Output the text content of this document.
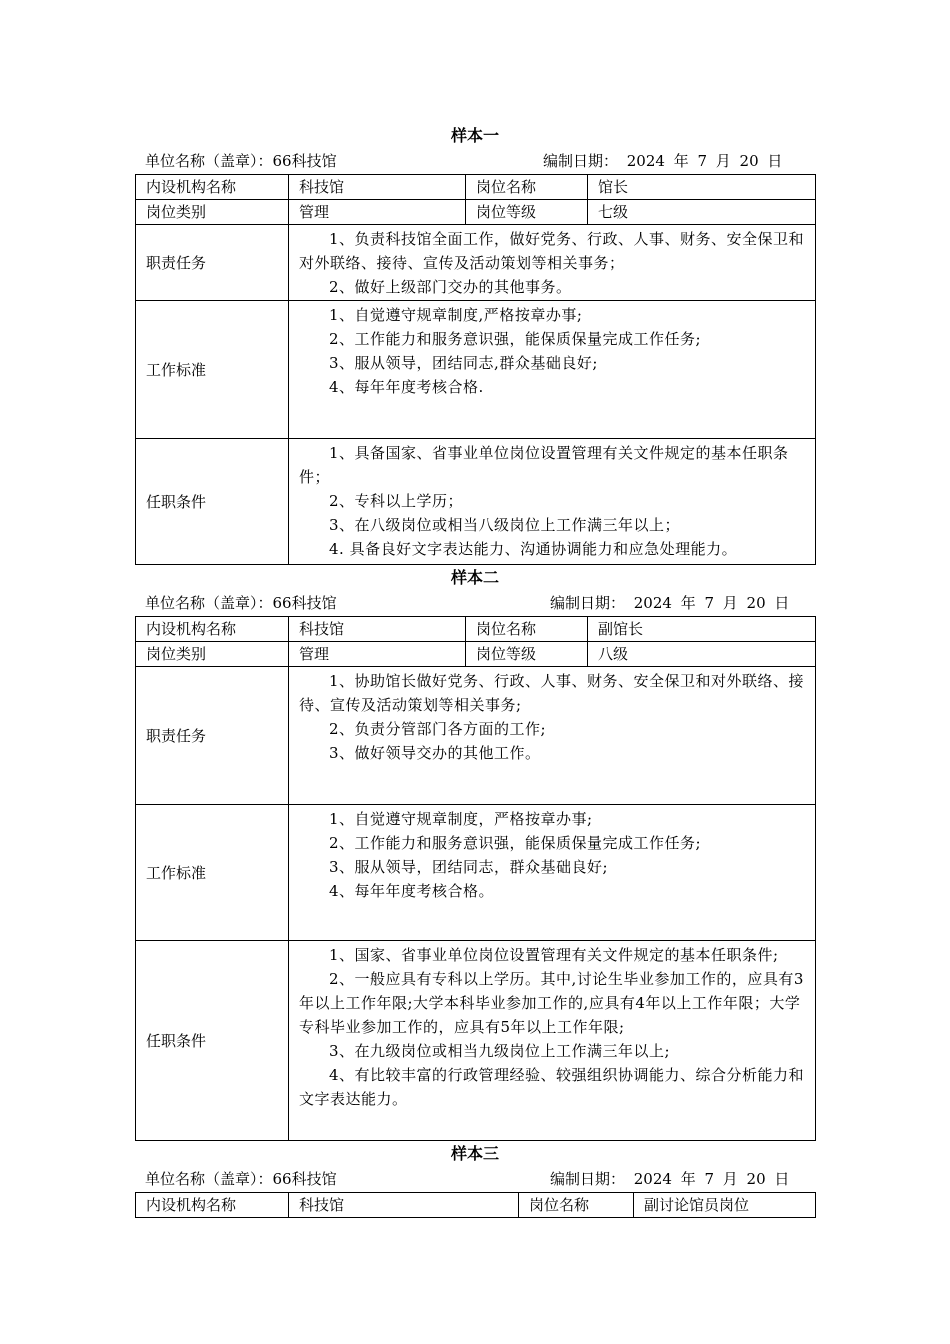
样本一
单位名称（盖章）：66科技馆	编制日期： 2024 年 7 月 20 日
内设机构名称	科技馆	岗位名称	馆长
岗位类别	管理	岗位等级	七级
职责任务	1、负责科技馆全面工作，做好党务、行政、人事、财务、安全保卫和对外联络、接待、宣传及活动策划等相关事务；

2、做好上级部门交办的其他事务。		

工作标准	1、自觉遵守规章制度,严格按章办事;

2、工作能力和服务意识强，能保质保量完成工作任务;

3、服从领导，团结同志,群众基础良好;

4、每年年度考核合格.		

任职条件	1、具备国家、省事业单位岗位设置管理有关文件规定的基本任职条件；

2、专科以上学历；

3、在八级岗位或相当八级岗位上工作满三年以上；

4. 具备良好文字表达能力、沟通协调能力和应急处理能力。		

样本二
单位名称（盖章）：66科技馆	编制日期： 2024 年 7 月 20 日
内设机构名称	科技馆	岗位名称	副馆长
岗位类别	管理	岗位等级	八级
职责任务	1、协助馆长做好党务、行政、人事、财务、安全保卫和对外联络、接待、宣传及活动策划等相关事务;

2、负责分管部门各方面的工作;

3、做好领导交办的其他工作。		

工作标准	1、自觉遵守规章制度，严格按章办事;

2、工作能力和服务意识强，能保质保量完成工作任务;

3、服从领导，团结同志，群众基础良好;

4、每年年度考核合格。		

任职条件	1、国家、省事业单位岗位设置管理有关文件规定的基本任职条件;

2、一般应具有专科以上学历。其中,讨论生毕业参加工作的，应具有3年以上工作年限;大学本科毕业参加工作的,应具有4年以上工作年限；大学专科毕业参加工作的，应具有5年以上工作年限;

3、在九级岗位或相当九级岗位上工作满三年以上;

4、有比较丰富的行政管理经验、较强组织协调能力、综合分析能力和文字表达能力。		

样本三
单位名称（盖章）：66科技馆	编制日期： 2024 年 7 月 20 日
内设机构名称	科技馆	岗位名称	副讨论馆员岗位
